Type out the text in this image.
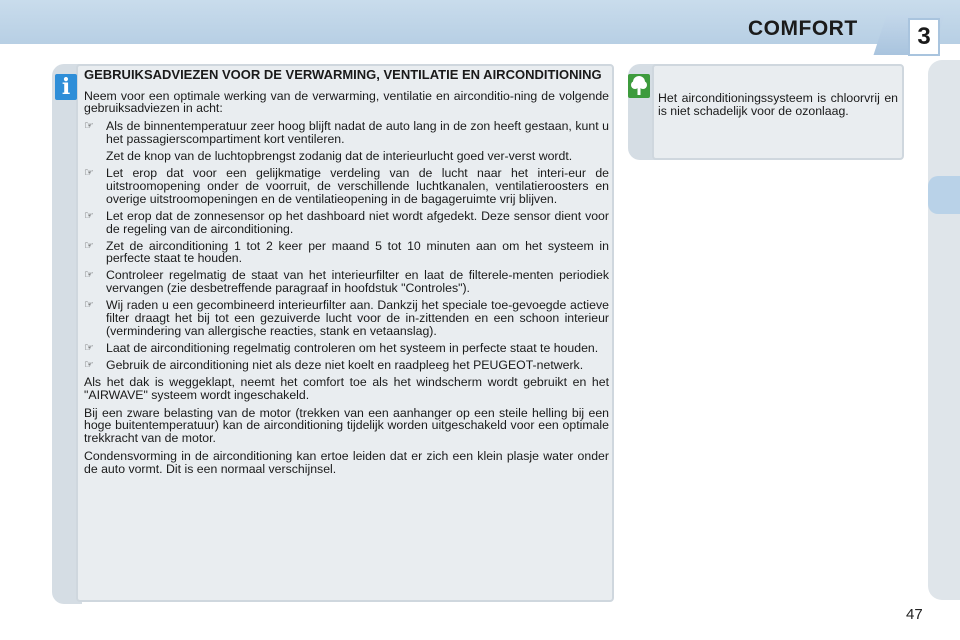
COMFORT	3
i	GEBRUIKSADVIEZEN VOOR DE VERWARMING, VENTILATIE EN AIRCONDITIONING

Neem voor een optimale werking van de verwarming, ventilatie en airconditio-ning de volgende gebruiksadviezen in acht:

☞ Als de binnentemperatuur zeer hoog blijft nadat de auto lang in de zon heeft gestaan, kunt u het passagierscompartiment kort ventileren.

Zet de knop van de luchtopbrengst zodanig dat de interieurlucht goed ver-verst wordt.

☞ Let erop dat voor een gelijkmatige verdeling van de lucht naar het interi-eur de uitstroomopening onder de voorruit, de verschillende luchtkanalen, ventilatieroosters en overige uitstroomopeningen en de ventilatieopening in de bagageruimte vrij blijven.
☞ Let erop dat de zonnesensor op het dashboard niet wordt afgedekt. Deze sensor dient voor de regeling van de airconditioning.
☞ Zet de airconditioning 1 tot 2 keer per maand 5 tot 10 minuten aan om het systeem in perfecte staat te houden.
☞ Controleer regelmatig de staat van het interieurfilter en laat de filterele-menten periodiek vervangen (zie desbetreffende paragraaf in hoofdstuk "Controles").
☞ Wij raden u een gecombineerd interieurfilter aan. Dankzij het speciale toe-gevoegde actieve filter draagt het bij tot een gezuiverde lucht voor de in-zittenden en een schoon interieur (vermindering van allergische reacties, stank en vetaanslag).
☞ Laat de airconditioning regelmatig controleren om het systeem in perfecte staat te houden.
☞ Gebruik de airconditioning niet als deze niet koelt en raadpleeg het PEUGEOT-netwerk.

Als het dak is weggeklapt, neemt het comfort toe als het windscherm wordt gebruikt en het "AIRWAVE" systeem wordt ingeschakeld.

Bij een zware belasting van de motor (trekken van een aanhanger op een steile helling bij een hoge buitentemperatuur) kan de airconditioning tijdelijk worden uitgeschakeld voor een optimale trekkracht van de motor.

Condensvorming in de airconditioning kan ertoe leiden dat er zich een klein plasje water onder de auto vormt. Dit is een normaal verschijnsel.

Het airconditioningssysteem is chloorvrij en is niet schadelijk voor de ozonlaag.
47
